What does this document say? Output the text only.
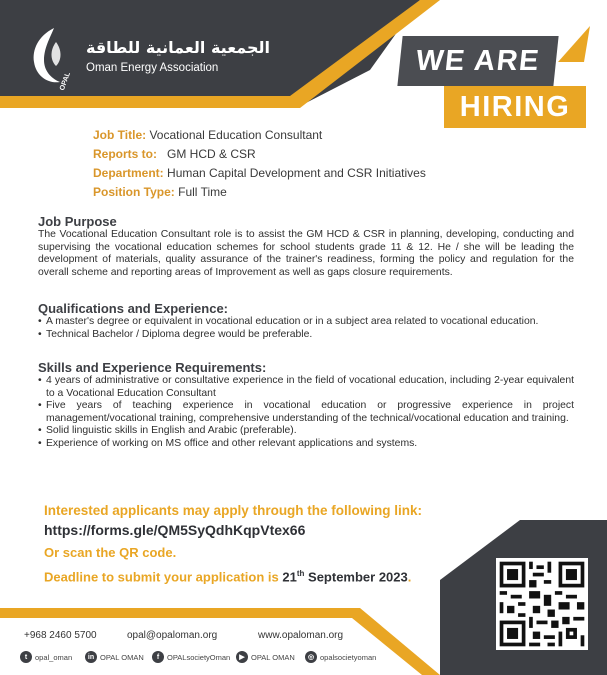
الجمعية العمانية للطاقة
Oman Energy Association
OPAL
WE ARE
HIRING
Job Title: Vocational Education Consultant
Reports to: GM HCD & CSR
Department: Human Capital Development and CSR Initiatives
Position Type: Full Time
Job Purpose
The Vocational Education Consultant role is to assist the GM HCD & CSR in planning, developing, conducting and supervising the vocational education schemes for school students grade 11 & 12. He / she will be leading the development of materials, quality assurance of the trainer's readiness, forming the policy and regulation for the overall scheme and reporting areas of Improvement as well as gaps closure requirements.
Qualifications and Experience:
• A master's degree or equivalent in vocational education or in a subject area related to vocational education.
• Technical Bachelor / Diploma degree would be preferable.
Skills and Experience Requirements:
• 4 years of administrative or consultative experience in the field of vocational education, including 2-year equivalent to a Vocational Education Consultant
• Five years of teaching experience in vocational education or progressive experience in project management/vocational training, comprehensive understanding of the technical/vocational education and training.
• Solid linguistic skills in English and Arabic (preferable).
• Experience of working on MS office and other relevant applications and systems.
Interested applicants may apply through the following link:
https://forms.gle/QM5SyQdhKqpVtex66
Or scan the QR code.
Deadline to submit your application is 21th September 2023.
+968 2460 5700	opal@opaloman.org	www.opaloman.org
t	opal_oman	in OPAL OMAN	f	OPALsocietyOman	▶ OPAL OMAN	◎ opalsocietyoman
